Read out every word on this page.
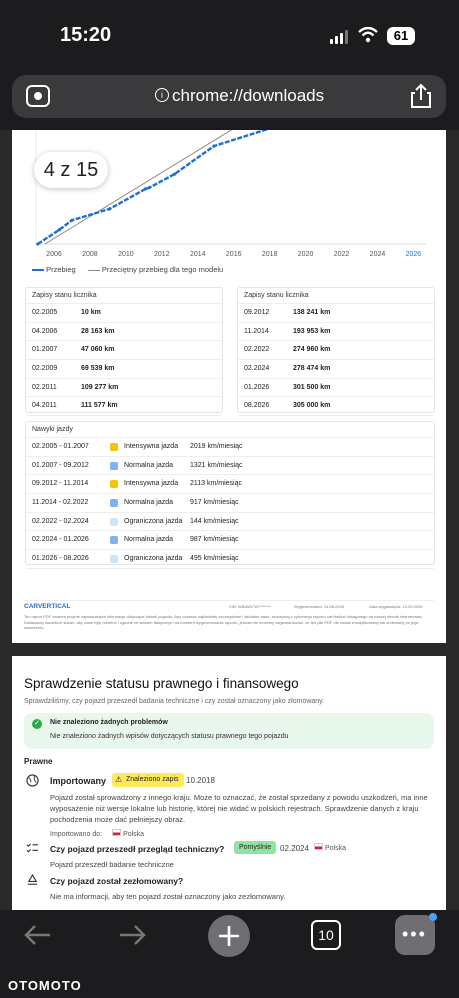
15:20	61
i chrome://downloads
2006	2008	2010	2012	2014	2016	2018	2020	2022	2024	2026
4 z 15
Przebieg	Przeciętny przebieg dla tego modelu
Zapisy stanu licznika
02.2005	10 km
04.2006	28 163 km
01.2007	47 060 km
02.2009	69 539 km
02.2011	109 277 km
04.2011	111 577 km
Zapisy stanu licznika
09.2012	138 241 km
11.2014	193 953 km
02.2022	274 960 km
02.2024	278 474 km
01.2026	301 500 km
08.2026	305 000 km
Nawyki jazdy
02.2005 - 01.2007	Intensywna jazda 2019 km/miesiąc
01.2007 - 09.2012	Normalna jazda 1321 km/miesiąc
09.2012 - 11.2014	Intensywna jazda 2113 km/miesiąc
11.2014 - 02.2022	Normalna jazda 917 km/miesiąc
02.2022 - 02.2024	Ograniczona jazda 144 km/miesiąc
02.2024 - 01.2026	Normalna jazda 987 km/miesiąc
01.2026 - 08.2026	Ograniczona jazda 495 km/miesiąc
CARVERTICAL	VIN: WBAVA710********	Wygenerowano: 14.08.2026	Data wygaśnięcia: 13.09.2026
Ten raport PDF zawiera jedynie najważniejsze informacje dotyczące historii pojazdu. Aby uzyskać najbardziej szczegółowe i aktualne dane, skorzystaj z cyfrowego raportu carVertical dostępnego na naszej stronie internetowej. Dokładamy wszelkich starań, aby dane były rzetelne i zgodne ze stanem faktycznym na moment wygenerowania raportu, jednak nie możemy zagwarantować, że ten plik PDF nie został zmodyfikowany lub zmieniony po jego utworzeniu.
Sprawdzenie statusu prawnego i finansowego
Sprawdziliśmy, czy pojazd przeszedł badania techniczne i czy został oznaczony jako złomowany.
✓ Nie znaleziono żadnych problemów
Nie znaleziono żadnych wpisów dotyczących statusu prawnego tego pojazdu
Prawne
Importowany ⚠ Znaleziono zapis 10.2018
Pojazd został sprowadzony z innego kraju. Może to oznaczać, że został sprzedany z powodu uszkodzeń, ma inne wyposażenie niż wersje lokalne lub historię, której nie widać w polskich rejestrach. Sprawdzenie danych z kraju pochodzenia może dać pełniejszy obraz.
Importowano do:	Polska
Czy pojazd przeszedł przegląd techniczny?	Pomyślnie	02.2024	Polska
Pojazd przeszedł badanie techniczne
Czy pojazd został zezłomowany?
Nie ma informacji, aby ten pojazd został oznaczony jako zezłomowany.
10	•••
OTOMOTO
